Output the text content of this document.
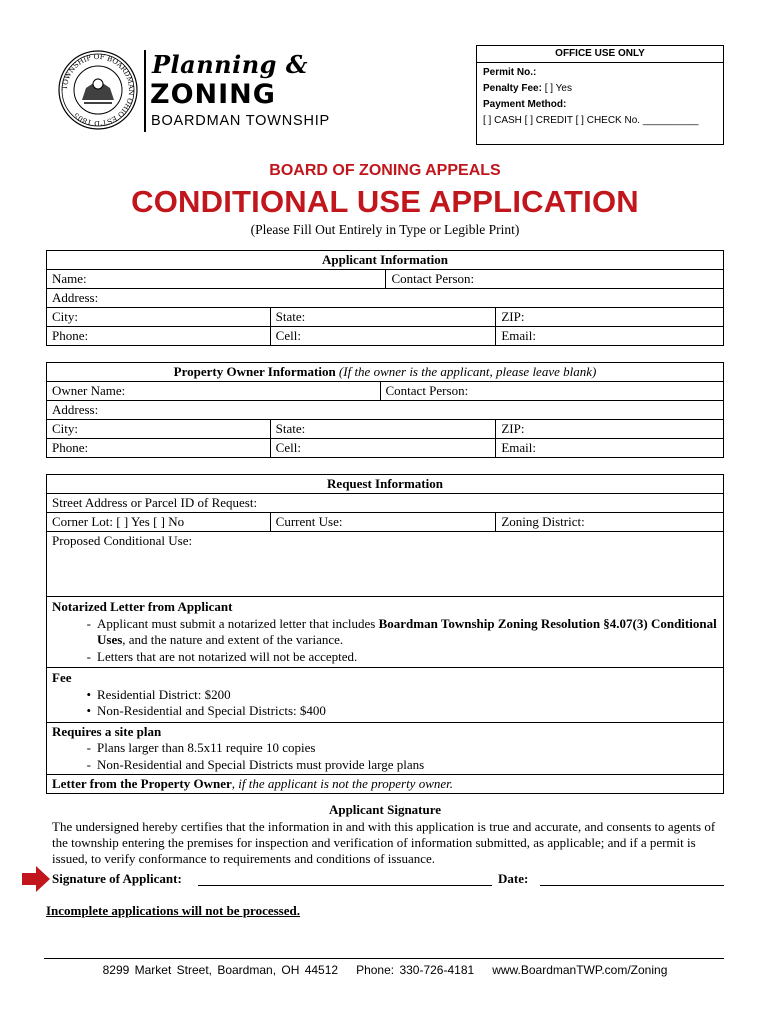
TOWNSHIP OF BOARDMAN OHIO EST'D 1805
Planning &
ZONING
BOARDMAN TOWNSHIP
OFFICE USE ONLY
Permit No.:
Penalty Fee: [ ] Yes
Payment Method:
[ ] CASH [ ] CREDIT [ ] CHECK No. __________
BOARD OF ZONING APPEALS
CONDITIONAL USE APPLICATION
(Please Fill Out Entirely in Type or Legible Print)
Applicant Information			
Name:		Contact Person:	
Address:			
City:	State:		ZIP:
Phone:	Cell:		Email:
Property Owner Information (If the owner is the applicant, please leave blank)			
Owner Name:		Contact Person:	
Address:			
City:	State:		ZIP:
Phone:	Cell:		Email:
Request Information
Street Address or Parcel ID of Request:
Corner Lot: [ ] Yes [ ] No	Current Use:	Zoning District:
Proposed Conditional Use:

Notarized Letter from Applicant
- Applicant must submit a notarized letter that includes Boardman Township Zoning Resolution §4.07(3) Conditional Uses, and the nature and extent of the variance.
- Letters that are not notarized will not be accepted.

Fee
• Residential District: $200
• Non-Residential and Special Districts: $400

Requires a site plan
- Plans larger than 8.5x11 require 10 copies
- Non-Residential and Special Districts must provide large plans

Letter from the Property Owner, if the applicant is not the property owner.
Applicant Signature
The undersigned hereby certifies that the information in and with this application is true and accurate, and consents to agents of the township entering the premises for inspection and verification of information submitted, as applicable; and if a permit is issued, to verify conformance to requirements and conditions of issuance.
Signature of Applicant:	Date:
Incomplete applications will not be processed.
8299 Market Street, Boardman, OH 44512 Phone: 330-726-4181 www.BoardmanTWP.com/Zoning
